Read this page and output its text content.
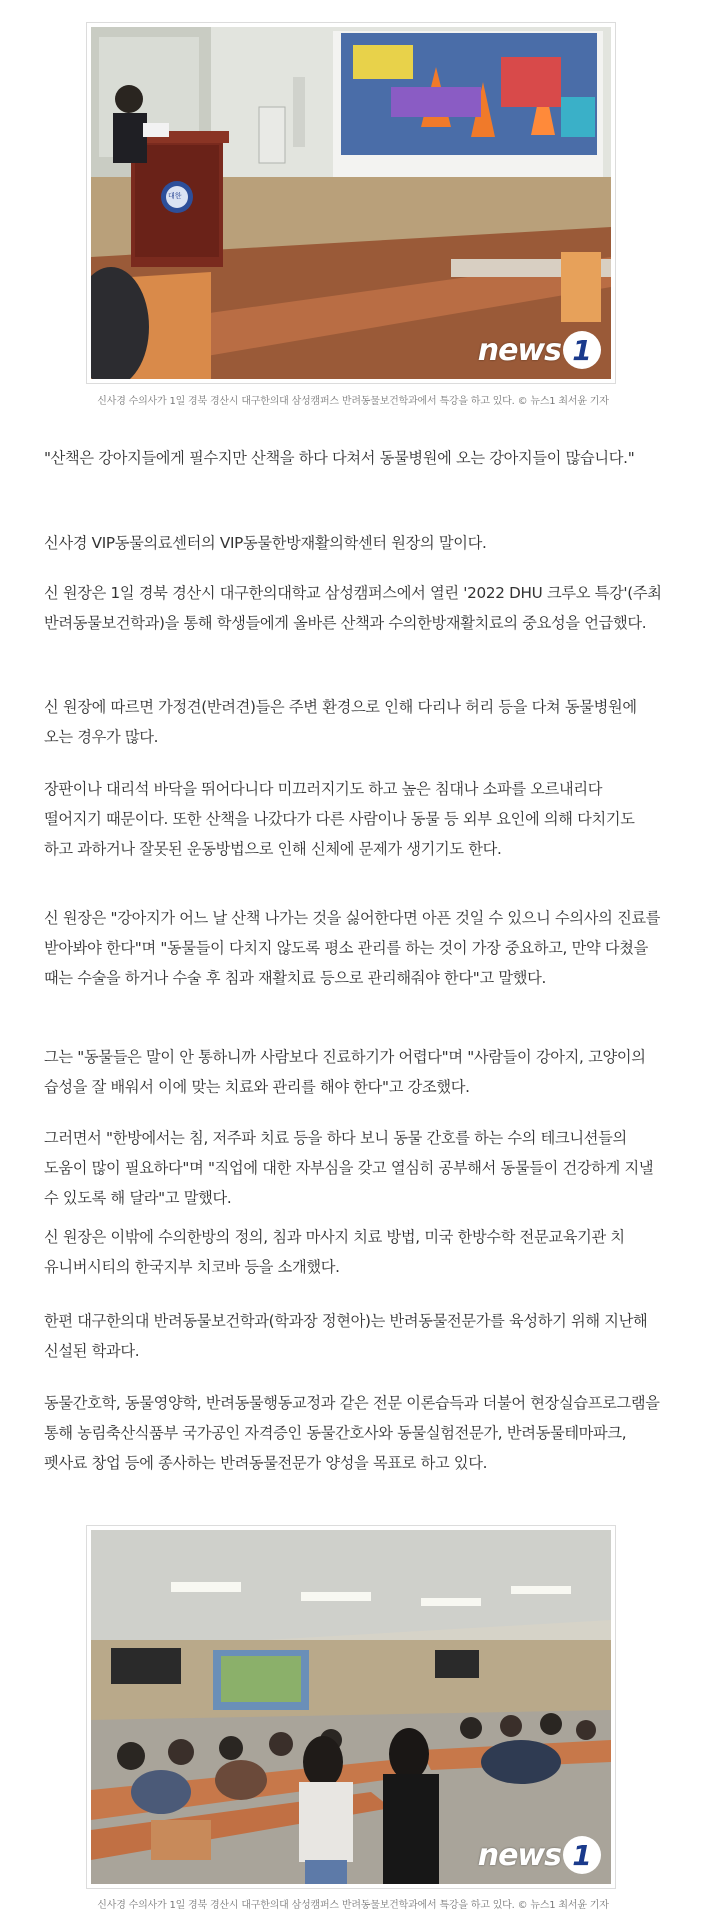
대한
news 1
신사경 수의사가 1일 경북 경산시 대구한의대 삼성캠퍼스 반려동물보건학과에서 특강을 하고 있다. © 뉴스1 최서윤 기자
"산책은 강아지들에게 필수지만 산책을 하다 다쳐서 동물병원에 오는 강아지들이 많습니다."
신사경 VIP동물의료센터의 VIP동물한방재활의학센터 원장의 말이다.
신 원장은 1일 경북 경산시 대구한의대학교 삼성캠퍼스에서 열린 '2022 DHU 크루오 특강'(주최 반려동물보건학과)을 통해 학생들에게 올바른 산책과 수의한방재활치료의 중요성을 언급했다.
신 원장에 따르면 가정견(반려견)들은 주변 환경으로 인해 다리나 허리 등을 다쳐 동물병원에 오는 경우가 많다.
장판이나 대리석 바닥을 뛰어다니다 미끄러지기도 하고 높은 침대나 소파를 오르내리다 떨어지기 때문이다. 또한 산책을 나갔다가 다른 사람이나 동물 등 외부 요인에 의해 다치기도 하고 과하거나 잘못된 운동방법으로 인해 신체에 문제가 생기기도 한다.
신 원장은 "강아지가 어느 날 산책 나가는 것을 싫어한다면 아픈 것일 수 있으니 수의사의 진료를 받아봐야 한다"며 "동물들이 다치지 않도록 평소 관리를 하는 것이 가장 중요하고, 만약 다쳤을 때는 수술을 하거나 수술 후 침과 재활치료 등으로 관리해줘야 한다"고 말했다.
그는 "동물들은 말이 안 통하니까 사람보다 진료하기가 어렵다"며 "사람들이 강아지, 고양이의 습성을 잘 배워서 이에 맞는 치료와 관리를 해야 한다"고 강조했다.
그러면서 "한방에서는 침, 저주파 치료 등을 하다 보니 동물 간호를 하는 수의 테크니션들의 도움이 많이 필요하다"며 "직업에 대한 자부심을 갖고 열심히 공부해서 동물들이 건강하게 지낼 수 있도록 해 달라"고 말했다.
신 원장은 이밖에 수의한방의 정의, 침과 마사지 치료 방법, 미국 한방수학 전문교육기관 치 유니버시티의 한국지부 치코바 등을 소개했다.
한편 대구한의대 반려동물보건학과(학과장 정현아)는 반려동물전문가를 육성하기 위해 지난해 신설된 학과다.
동물간호학, 동물영양학, 반려동물행동교정과 같은 전문 이론습득과 더불어 현장실습프로그램을 통해 농림축산식품부 국가공인 자격증인 동물간호사와 동물실험전문가, 반려동물테마파크, 펫사료 창업 등에 종사하는 반려동물전문가 양성을 목표로 하고 있다.
news 1
신사경 수의사가 1일 경북 경산시 대구한의대 삼성캠퍼스 반려동물보건학과에서 특강을 하고 있다. © 뉴스1 최서윤 기자
